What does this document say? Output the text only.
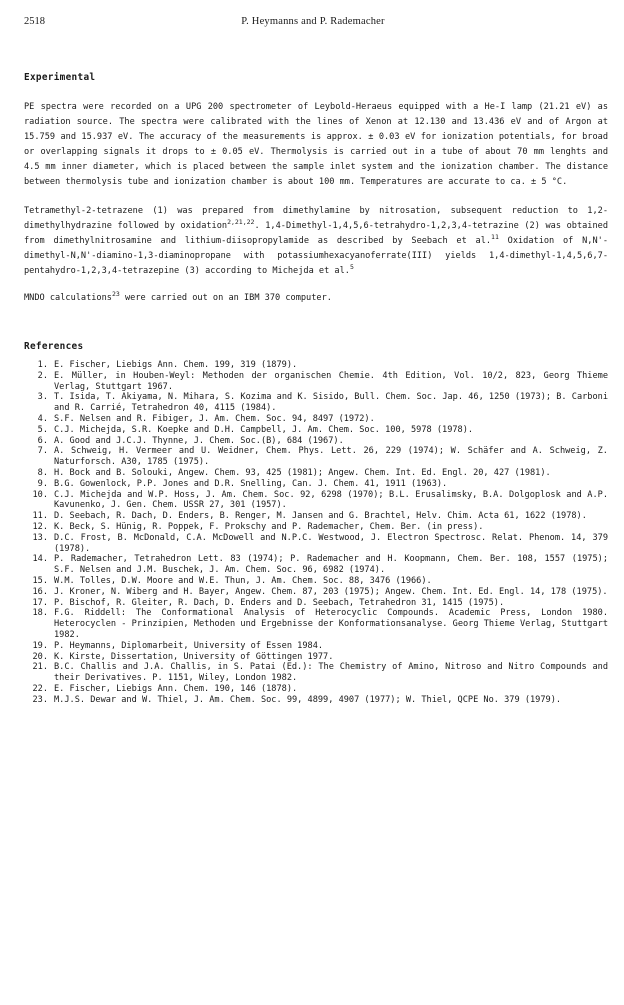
2518	P. Heymanns and P. Rademacher
Experimental

PE spectra were recorded on a UPG 200 spectrometer of Leybold-Heraeus equipped with a He-I lamp (21.21 eV) as radiation source. The spectra were calibrated with the lines of Xenon at 12.130 and 13.436 eV and of Argon at 15.759 and 15.937 eV. The accuracy of the measurements is approx. ± 0.03 eV for ionization potentials, for broad or overlapping signals it drops to ± 0.05 eV. Thermolysis is carried out in a tube of about 70 mm lenghts and 4.5 mm inner diameter, which is placed between the sample inlet system and the ionization chamber. The distance between thermolysis tube and ionization chamber is about 100 mm. Temperatures are accurate to ca. ± 5 °C.

Tetramethyl-2-tetrazene (1) was prepared from dimethylamine by nitrosation, subsequent reduction to 1,2-dimethylhydrazine followed by oxidation$^{2,21,22}$. 1,4-Dimethyl-1,4,5,6-tetrahydro-1,2,3,4-tetrazine (2) was obtained from dimethylnitrosamine and lithium-diisopropylamide as described by Seebach et al.$^{11}$ Oxidation of N,N'-dimethyl-N,N'-diamino-1,3-diaminopropane with potassiumhexacyanoferrate(III) yields 1,4-dimethyl-1,4,5,6,7-pentahydro-1,2,3,4-tetrazepine (3) according to Michejda et al.$^5$

MNDO calculations$^{23}$ were carried out on an IBM 370 computer.

References
1. E. Fischer, Liebigs Ann. Chem. 199, 319 (1879).
2. E. Müller, in Houben-Weyl: Methoden der organischen Chemie. 4th Edition, Vol. 10/2, 823, Georg Thieme Verlag, Stuttgart 1967.
3. T. Isida, T. Akiyama, N. Mihara, S. Kozima and K. Sisido, Bull. Chem. Soc. Jap. 46, 1250 (1973); B. Carboni and R. Carrié, Tetrahedron 40, 4115 (1984).
4. S.F. Nelsen and R. Fibiger, J. Am. Chem. Soc. 94, 8497 (1972).
5. C.J. Michejda, S.R. Koepke and D.H. Campbell, J. Am. Chem. Soc. 100, 5978 (1978).
6. A. Good and J.C.J. Thynne, J. Chem. Soc.(B), 684 (1967).
7. A. Schweig, H. Vermeer and U. Weidner, Chem. Phys. Lett. 26, 229 (1974); W. Schäfer and A. Schweig, Z. Naturforsch. A30, 1785 (1975).
8. H. Bock and B. Solouki, Angew. Chem. 93, 425 (1981); Angew. Chem. Int. Ed. Engl. 20, 427 (1981).
9. B.G. Gowenlock, P.P. Jones and D.R. Snelling, Can. J. Chem. 41, 1911 (1963).
10. C.J. Michejda and W.P. Hoss, J. Am. Chem. Soc. 92, 6298 (1970); B.L. Erusalimsky, B.A. Dolgoplosk and A.P. Kavunenko, J. Gen. Chem. USSR 27, 301 (1957).
11. D. Seebach, R. Dach, D. Enders, B. Renger, M. Jansen and G. Brachtel, Helv. Chim. Acta 61, 1622 (1978).
12. K. Beck, S. Hünig, R. Poppek, F. Prokschy and P. Rademacher, Chem. Ber. (in press).
13. D.C. Frost, B. McDonald, C.A. McDowell and N.P.C. Westwood, J. Electron Spectrosc. Relat. Phenom. 14, 379 (1978).
14. P. Rademacher, Tetrahedron Lett. 83 (1974); P. Rademacher and H. Koopmann, Chem. Ber. 108, 1557 (1975); S.F. Nelsen and J.M. Buschek, J. Am. Chem. Soc. 96, 6982 (1974).
15. W.M. Tolles, D.W. Moore and W.E. Thun, J. Am. Chem. Soc. 88, 3476 (1966).
16. J. Kroner, N. Wiberg and H. Bayer, Angew. Chem. 87, 203 (1975); Angew. Chem. Int. Ed. Engl. 14, 178 (1975).
17. P. Bischof, R. Gleiter, R. Dach, D. Enders and D. Seebach, Tetrahedron 31, 1415 (1975).
18. F.G. Riddell: The Conformational Analysis of Heterocyclic Compounds. Academic Press, London 1980. Heterocyclen - Prinzipien, Methoden und Ergebnisse der Konformationsanalyse. Georg Thieme Verlag, Stuttgart 1982.
19. P. Heymanns, Diplomarbeit, University of Essen 1984.
20. K. Kirste, Dissertation, University of Göttingen 1977.
21. B.C. Challis and J.A. Challis, in S. Patai (Ed.): The Chemistry of Amino, Nitroso and Nitro Compounds and their Derivatives. P. 1151, Wiley, London 1982.
22. E. Fischer, Liebigs Ann. Chem. 190, 146 (1878).
23. M.J.S. Dewar and W. Thiel, J. Am. Chem. Soc. 99, 4899, 4907 (1977); W. Thiel, QCPE No. 379 (1979).
